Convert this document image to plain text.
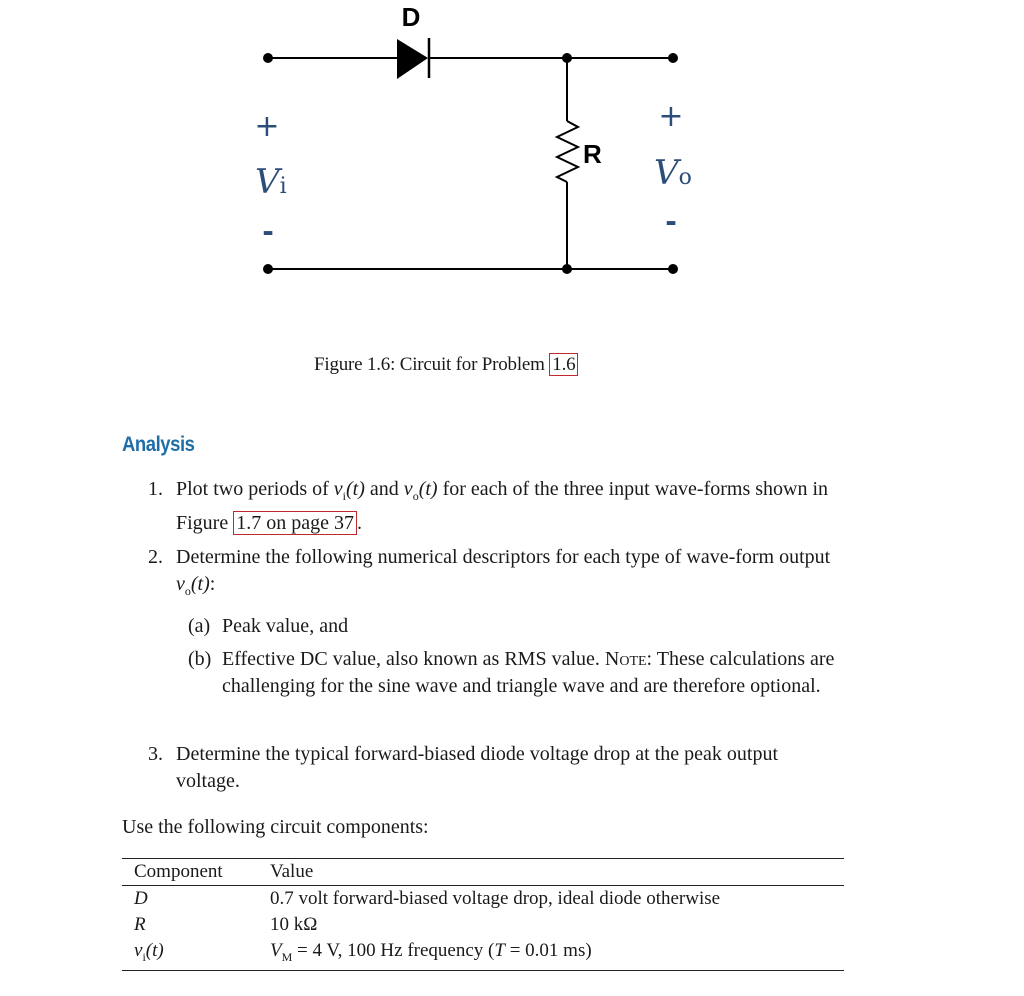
D
R
+
Vi
-
+
Vo
-
Figure 1.6: Circuit for Problem 1.6
Analysis
1. Plot two periods of $v_i(t)$ and $v_o(t)$ for each of the three input wave-forms shown in Figure 1.7 on page 37 .
2. Determine the following numerical descriptors for each type of wave-form output $v_o(t)$:
(a) Peak value, and
(b) Effective DC value, also known as RMS value. Note: These calculations are challenging for the sine wave and triangle wave and are therefore optional.
3. Determine the typical forward-biased diode voltage drop at the peak output voltage.
Use the following circuit components:
Component	Value
D	0.7 volt forward-biased voltage drop, ideal diode otherwise
R	10 kΩ
$v_i(t)$	$V_M = 4$ V, 100 Hz frequency (T = 0.01 ms)
